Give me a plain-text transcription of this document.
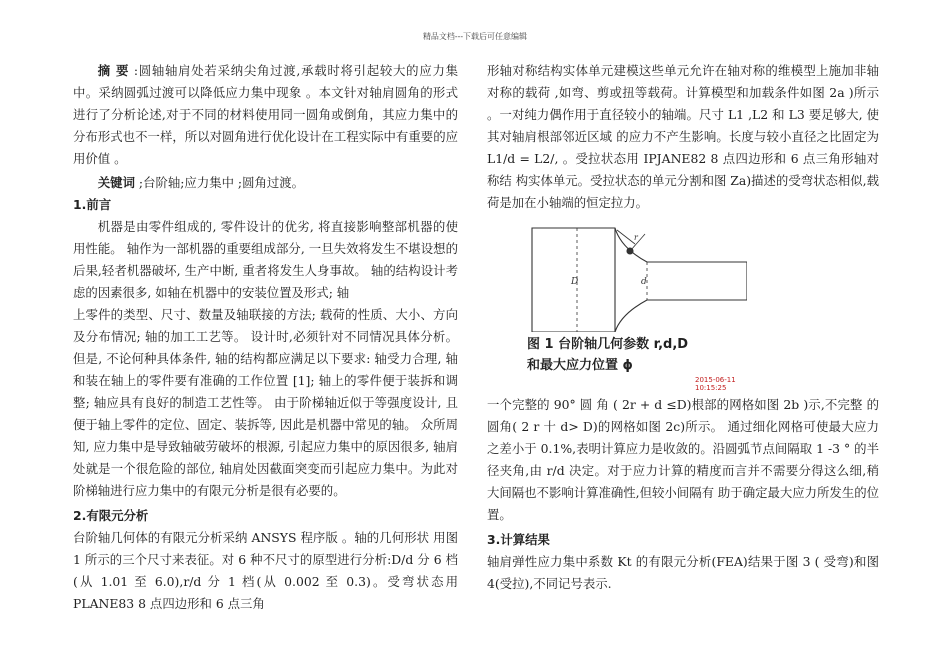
精品文档---下载后可任意编辑

摘 要 :圆轴轴肩处若采纳尖角过渡,承载时将引起较大的应力集中。采纳圆弧过渡可以降低应力集中现象 。本文针对轴肩圆角的形式进行了分析论述,对于不同的材料使用同一圆角或倒角，其应力集中的分布形式也不一样，所以对圆角进行优化设计在工程实际中有重要的应用价值 。

关键词 ;台阶轴;应力集中 ;圆角过渡。

1.前言

机器是由零件组成的, 零件设计的优劣, 将直接影响整部机器的使用性能。 轴作为一部机器的重要组成部分, 一旦失效将发生不堪设想的后果,轻者机器破坏, 生产中断, 重者将发生人身事故。 轴的结构设计考虑的因素很多, 如轴在机器中的安装位置及形式; 轴

上零件的类型、尺寸、数量及轴联接的方法; 载荷的性质、大小、方向及分布情况; 轴的加工工艺等。 设计时,必须针对不同情况具体分析。 但是, 不论何种具体条件, 轴的结构都应满足以下要求: 轴受力合理, 轴和装在轴上的零件要有准确的工作位置 [1]; 轴上的零件便于装拆和调整; 轴应具有良好的制造工艺性等。 由于阶梯轴近似于等强度设计, 且便于轴上零件的定位、固定、装拆等, 因此是机器中常见的轴。 众所周知, 应力集中是导致轴破劳破坏的根源, 引起应力集中的原因很多, 轴肩处就是一个很危险的部位, 轴肩处因截面突变而引起应力集中。为此对阶梯轴进行应力集中的有限元分析是很有必要的。

2.有限元分析

台阶轴几何体的有限元分析采纳 ANSYS 程序版 。轴的几何形状 用图 1 所示的三个尺寸来表征。对 6 种不尺寸的原型进行分析:D/d 分 6 档(从 1.01 至 6.0),r/d 分 1 档(从 0.002 至 0.3)。受弯状态用 PLANE83 8 点四边形和 6 点三角

形轴对称结构实体单元建模这些单元允许在轴对称的维模型上施加非轴对称的载荷 ,如弯、剪或扭等载荷。计算模型和加载条件如图 2a )所示 。一对纯力偶作用于直径较小的轴端。尺寸 L1 ,L2 和 L3 要足够大, 使其对轴肩根部邻近区域 的应力不产生影响。长度与较小直径之比固定为 L1/d = L2/, 。受拉状态用 IPJANE82 8 点四边形和 6 点三角形轴对称结 构实体单元。受拉状态的单元分割和图 Za)描述的受弯状态相似,载荷是加在小轴端的恒定拉力。

D	d
r
图 1 台阶轴几何参数 r,d,D
和最大应力位置 ϕ
2015-06-11
10:15:25

一个完整的 90° 圆 角 ( 2r + d ≤D)根部的网格如图 2b )示,不完整 的 圆角( 2 r 十 d> D)的网格如图 2c)所示。 通过细化网格可使最大应力之差小于 0.1%,表明计算应力是收敛的。沿圆弧节点间隔取 1 -3 ° 的半径夹角,由 r/d 决定。对于应力计算的精度而言并不需要分得这么细,稍大间隔也不影响计算准确性,但较小间隔有 助于确定最大应力所发生的位置。

3.计算结果

轴肩弹性应力集中系数 Kt 的有限元分析(FEA)结果于图 3 ( 受弯)和图 4(受拉),不同记号表示.
